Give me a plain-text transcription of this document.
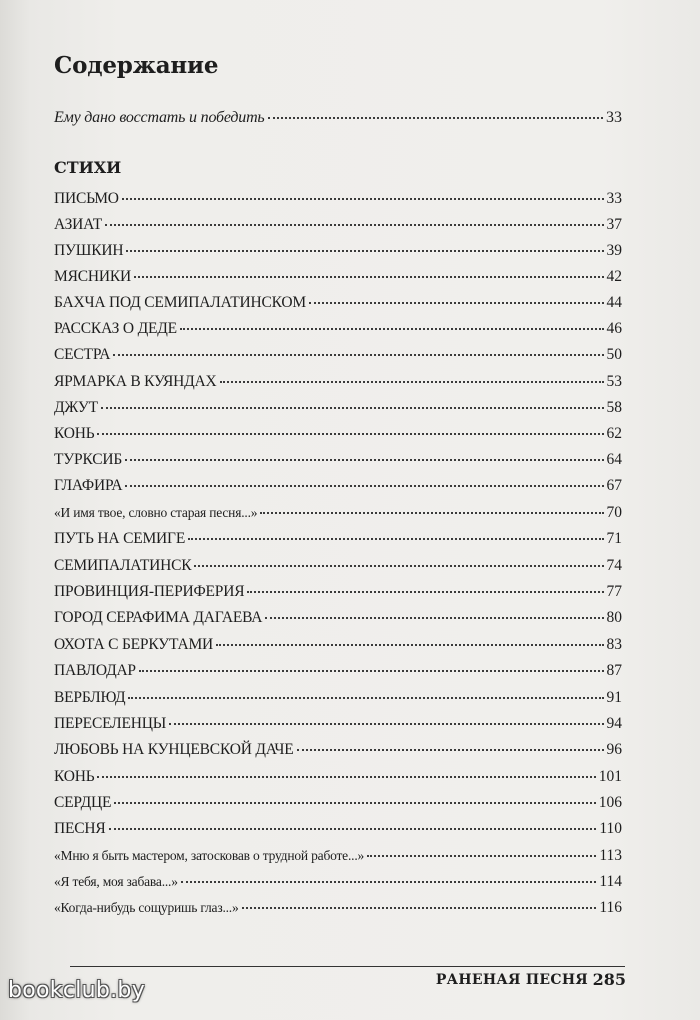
Содержание
Ему дано восстать и победить	33
СТИХИ
ПИСЬМО	33
АЗИАТ	37
ПУШКИН	39
МЯСНИКИ	42
БАХЧА ПОД СЕМИПАЛАТИНСКОМ	44
РАССКАЗ О ДЕДЕ	46
СЕСТРА	50
ЯРМАРКА В КУЯНДАХ	53
ДЖУТ	58
КОНЬ	62
ТУРКСИБ	64
ГЛАФИРА	67
«И имя твое, словно старая песня...»	70
ПУТЬ НА СЕМИГЕ	71
СЕМИПАЛАТИНСК	74
ПРОВИНЦИЯ-ПЕРИФЕРИЯ	77
ГОРОД СЕРАФИМА ДАГАЕВА	80
ОХОТА С БЕРКУТАМИ	83
ПАВЛОДАР	87
ВЕРБЛЮД	91
ПЕРЕСЕЛЕНЦЫ	94
ЛЮБОВЬ НА КУНЦЕВСКОЙ ДАЧЕ	96
КОНЬ	101
СЕРДЦЕ	106
ПЕСНЯ	110
«Мню я быть мастером, затосковав о трудной работе...»	113
«Я тебя, моя забава...»	114
«Когда-нибудь сощуришь глаз...»	116
РАНЕНАЯ ПЕСНЯ 285
bookclub.by
